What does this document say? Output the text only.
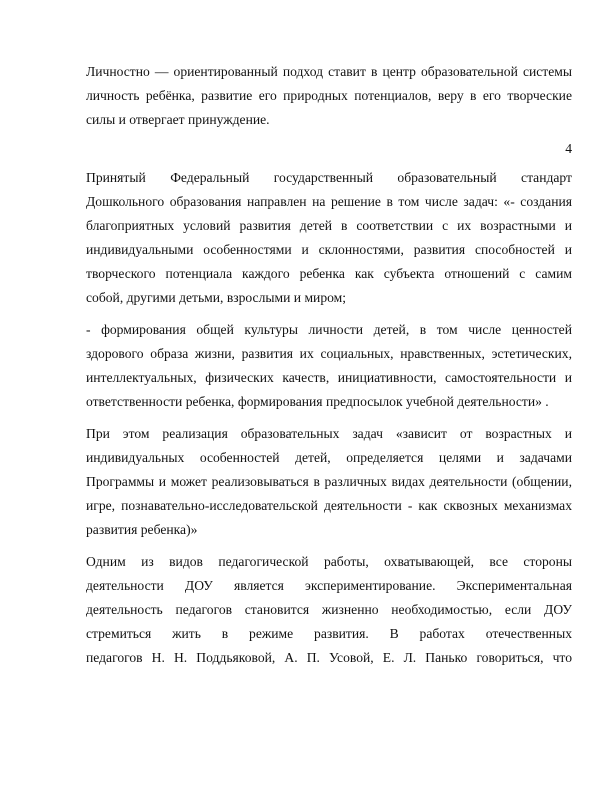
Личностно — ориентированный подход ставит в центр образовательной системы
личность ребёнка, развитие его природных потенциалов, веру в его творческие
силы и отвергает принуждение.

4

Принятый Федеральный государственный образовательный стандарт
Дошкольного образования направлен на решение в том числе задач: «- создания
благоприятных условий развития детей в соответствии с их возрастными и
индивидуальными особенностями и склонностями, развития способностей и
творческого потенциала каждого ребенка как субъекта отношений с самим
собой, другими детьми, взрослыми и миром;

- формирования общей культуры личности детей, в том числе ценностей
здорового образа жизни, развития их социальных, нравственных, эстетических,
интеллектуальных, физических качеств, инициативности, самостоятельности и
ответственности ребенка, формирования предпосылок учебной деятельности» .

При этом реализация образовательных задач «зависит от возрастных и
индивидуальных особенностей детей, определяется целями и задачами
Программы и может реализовываться в различных видах деятельности (общении,
игре, познавательно-исследовательской деятельности - как сквозных механизмах
развития ребенка)»

Одним из видов педагогической работы, охватывающей, все стороны
деятельности ДОУ является экспериментирование. Экспериментальная
деятельность педагогов становится жизненно необходимостью, если ДОУ
стремиться жить в режиме развития. В работах отечественных
педагогов Н. Н. Поддьяковой, А. П. Усовой, Е. Л. Панько говориться, что
